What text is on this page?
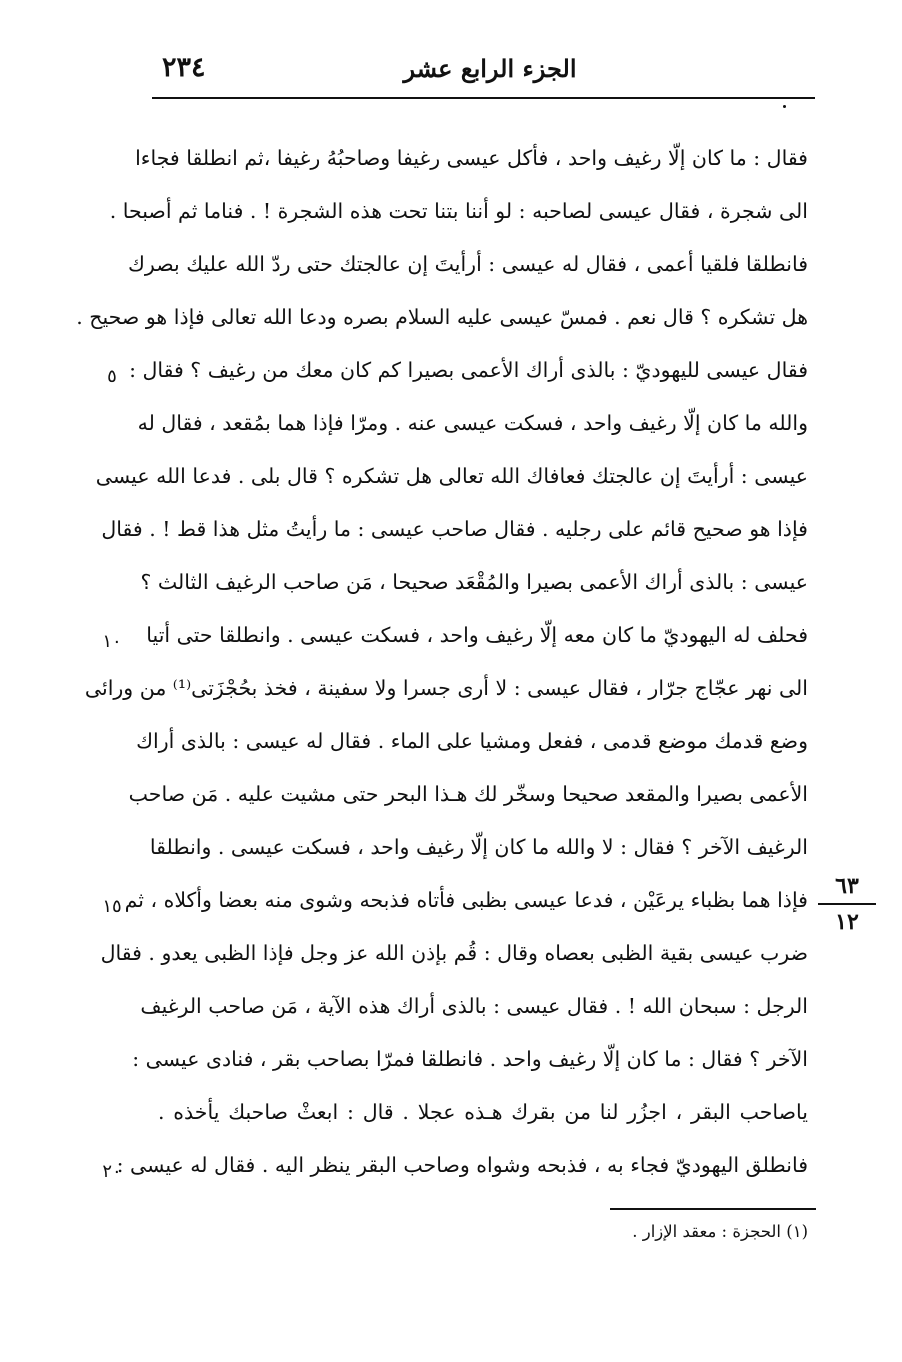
٢٣٤	الجزء الرابع عشر
فقال : ما كان إلّا رغيف واحد ، فأكل عيسى رغيفا وصاحبُهُ رغيفا ،ثم انطلقا فجاءا
الى شجرة ، فقال عيسى لصاحبه : لو أننا بتنا تحت هذه الشجرة ! . فناما ثم أصبحا .
فانطلقا فلقيا أعمى ، فقال له عيسى : أرأيتَ إن عالجتك حتى ردّ الله عليك بصرك
هل تشكره ؟ قال نعم . فمسّ عيسى عليه السلام بصره ودعا الله تعالى فإذا هو صحيح .
فقال عيسى لليهوديّ : بالذى أراك الأعمى بصيرا كم كان معك من رغيف ؟ فقال :
والله ما كان إلّا رغيف واحد ، فسكت عيسى عنه . ومرّا فإذا هما بمُقعد ، فقال له
عيسى : أرأيتَ إن عالجتك فعافاك الله تعالى هل تشكره ؟ قال بلى . فدعا الله عيسى
فإذا هو صحيح قائم على رجليه . فقال صاحب عيسى : ما رأيتُ مثل هذا قط ! . فقال
عيسى : بالذى أراك الأعمى بصيرا والمُقْعَد صحيحا ، مَن صاحب الرغيف الثالث ؟
فحلف له اليهوديّ ما كان معه إلّا رغيف واحد ، فسكت عيسى . وانطلقا حتى أتيا
الى نهر عجّاج جرّار ، فقال عيسى : لا أرى جسرا ولا سفينة ، فخذ بحُجْزَتى⁽¹⁾ من ورائى
وضع قدمك موضع قدمى ، ففعل ومشيا على الماء . فقال له عيسى : بالذى أراك
الأعمى بصيرا والمقعد صحيحا وسخّر لك هـذا البحر حتى مشيت عليه . مَن صاحب
الرغيف الآخر ؟ فقال : لا والله ما كان إلّا رغيف واحد ، فسكت عيسى . وانطلقا
فإذا هما بظباء يرعَيْن ، فدعا عيسى بظبى فأتاه فذبحه وشوى منه بعضا وأكلاه ، ثم
ضرب عيسى بقية الظبى بعصاه وقال : قُم بإذن الله عز وجل فإذا الظبى يعدو . فقال
الرجل : سبحان الله ! . فقال عيسى : بالذى أراك هذه الآية ، مَن صاحب الرغيف
الآخر ؟ فقال : ما كان إلّا رغيف واحد . فانطلقا فمرّا بصاحب بقر ، فنادى عيسى :
ياصاحب البقر ، اجزُر لنا من بقرك هـذه عجلا . قال : ابعثْ صاحبك يأخذه .
فانطلق اليهوديّ فجاء به ، فذبحه وشواه وصاحب البقر ينظر اليه . فقال له عيسى :
٥
١٠
١٥
٢٠
٦٣
١٢
(١) الحجزة : معقد الإزار .
